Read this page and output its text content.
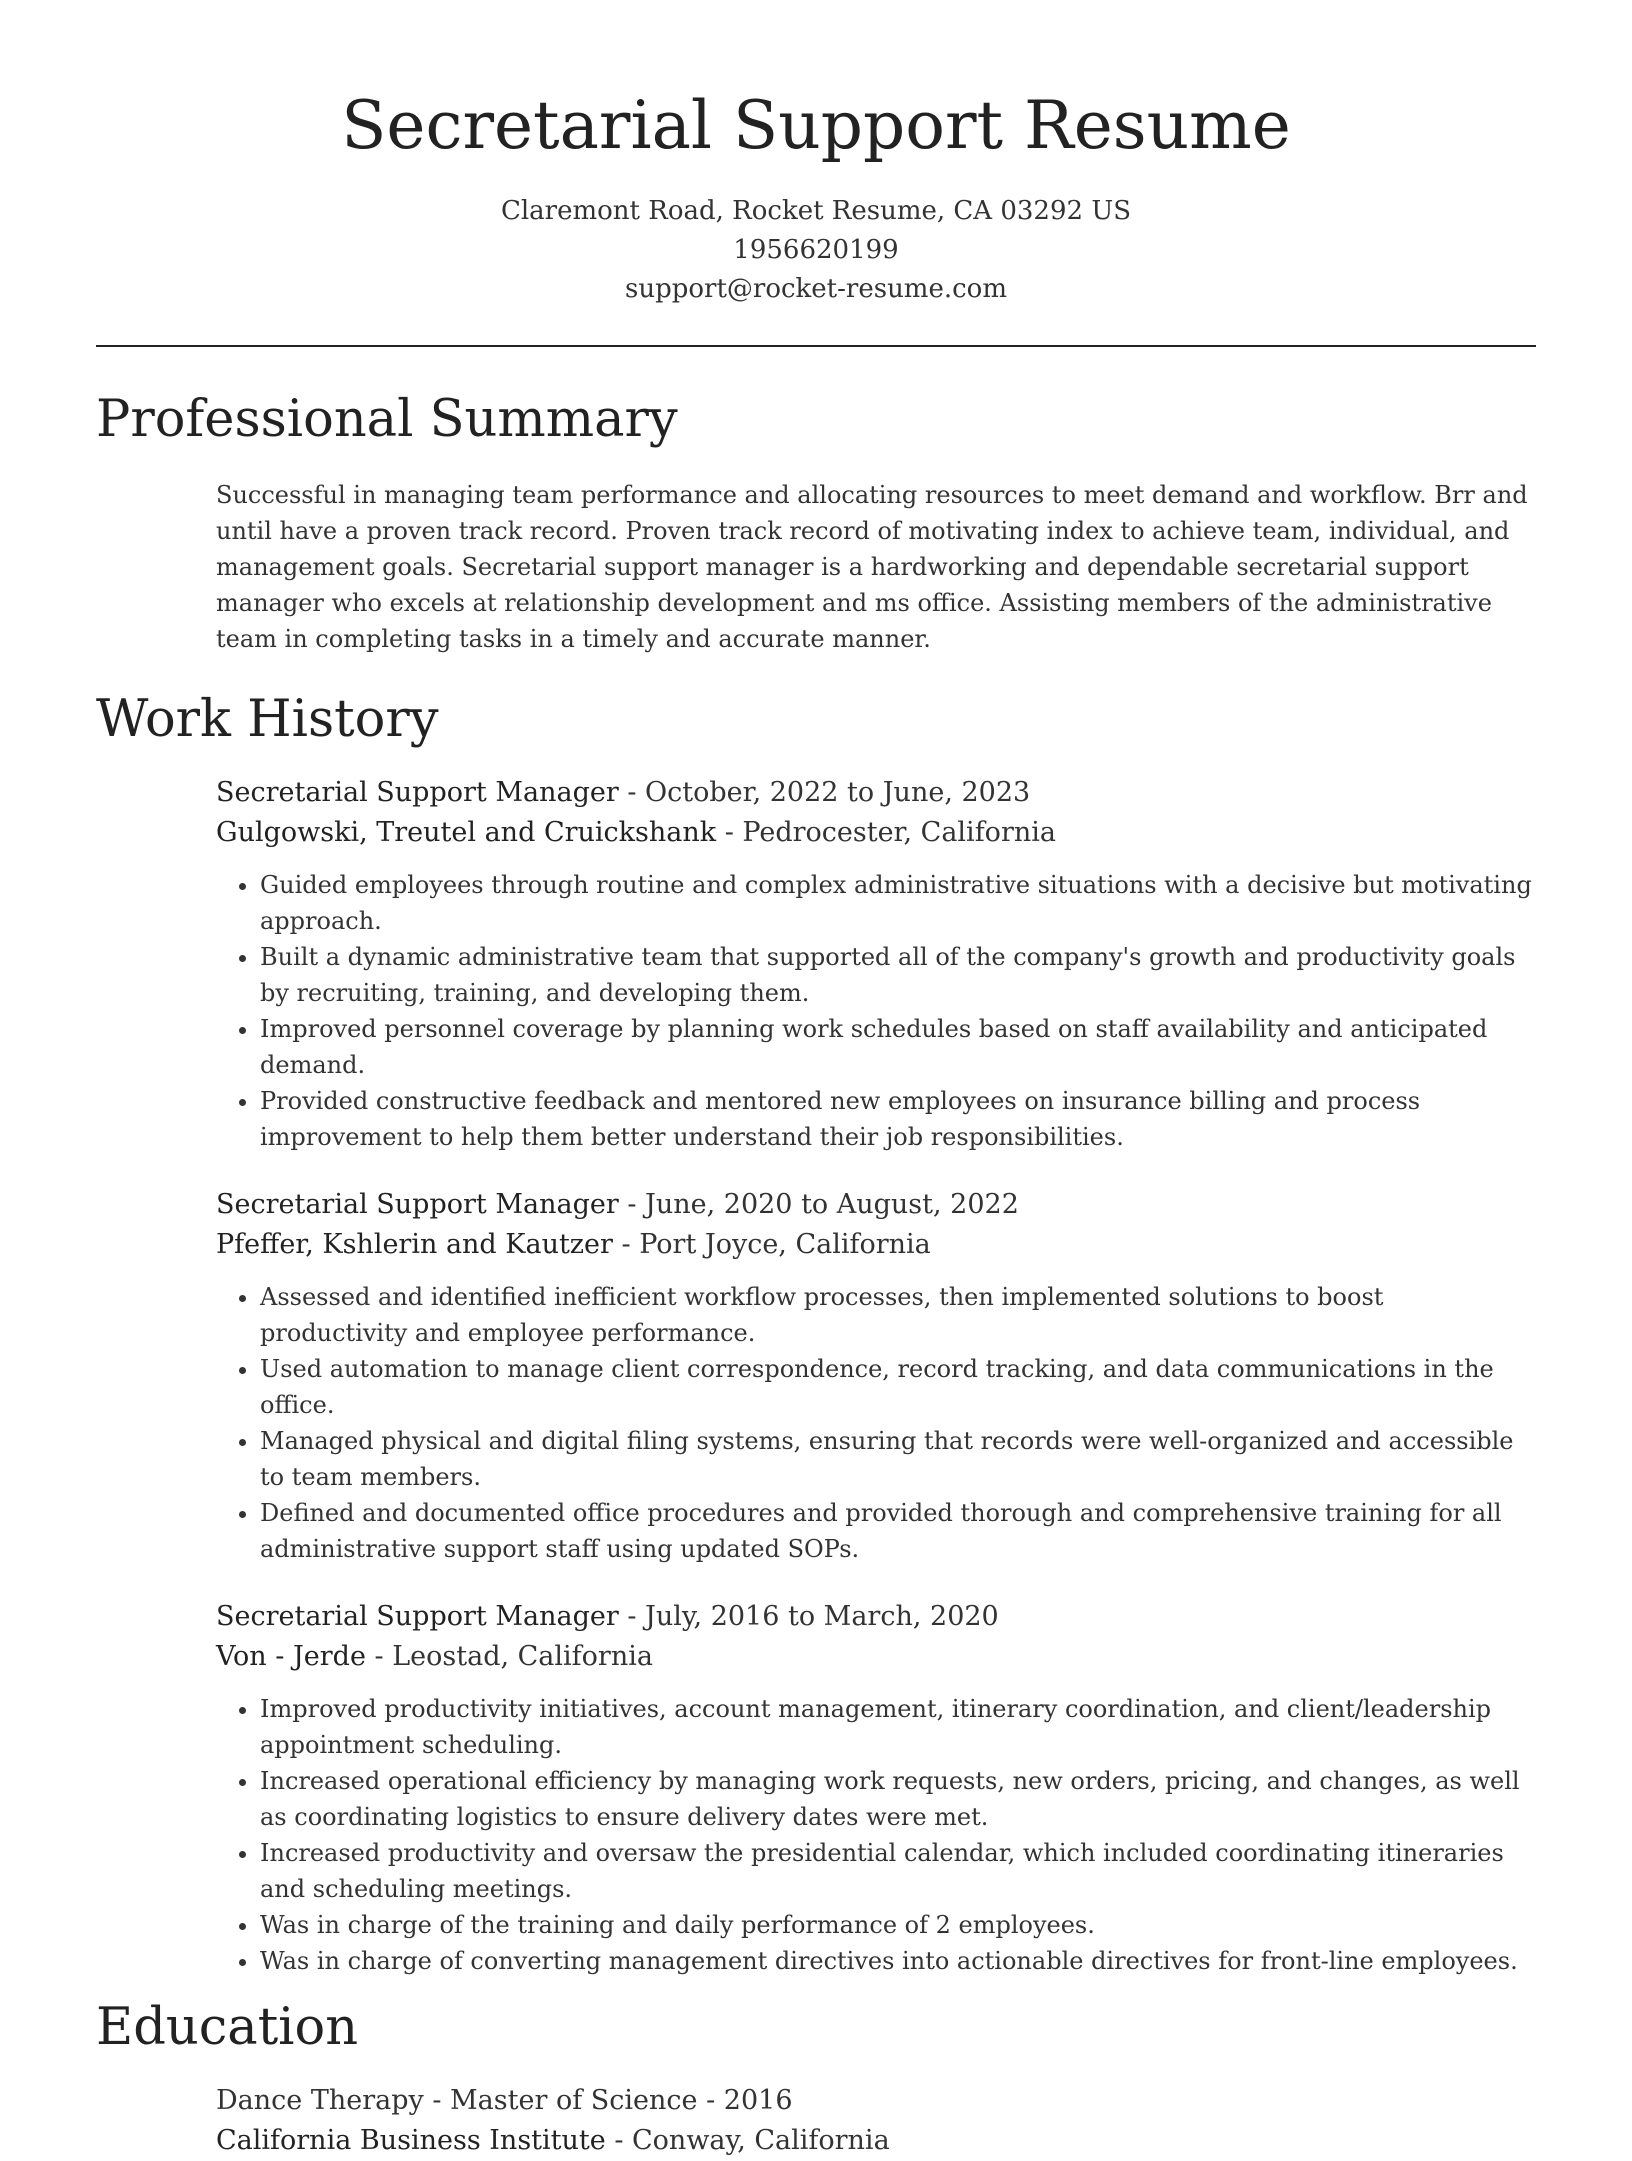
Secretarial Support Resume
Claremont Road, Rocket Resume, CA 03292 US
1956620199
support@rocket-resume.com
Professional Summary

Successful in managing team performance and allocating resources to meet demand and workflow. Brr and until have a proven track record. Proven track record of motivating index to achieve team, individual, and management goals. Secretarial support manager is a hardworking and dependable secretarial support manager who excels at relationship development and ms office. Assisting members of the administrative team in completing tasks in a timely and accurate manner.

Work History
Secretarial Support Manager - October, 2022 to June, 2023
Gulgowski, Treutel and Cruickshank - Pedrocester, California
• Guided employees through routine and complex administrative situations with a decisive but motivating approach.
• Built a dynamic administrative team that supported all of the company's growth and productivity goals by recruiting, training, and developing them.
• Improved personnel coverage by planning work schedules based on staff availability and anticipated demand.
• Provided constructive feedback and mentored new employees on insurance billing and process improvement to help them better understand their job responsibilities.
Secretarial Support Manager - June, 2020 to August, 2022
Pfeffer, Kshlerin and Kautzer - Port Joyce, California
• Assessed and identified inefficient workflow processes, then implemented solutions to boost productivity and employee performance.
• Used automation to manage client correspondence, record tracking, and data communications in the office.
• Managed physical and digital filing systems, ensuring that records were well-organized and accessible to team members.
• Defined and documented office procedures and provided thorough and comprehensive training for all administrative support staff using updated SOPs.
Secretarial Support Manager - July, 2016 to March, 2020
Von - Jerde - Leostad, California
• Improved productivity initiatives, account management, itinerary coordination, and client/leadership appointment scheduling.
• Increased operational efficiency by managing work requests, new orders, pricing, and changes, as well as coordinating logistics to ensure delivery dates were met.
• Increased productivity and oversaw the presidential calendar, which included coordinating itineraries and scheduling meetings.
• Was in charge of the training and daily performance of 2 employees.
• Was in charge of converting management directives into actionable directives for front-line employees.
Education
Dance Therapy - Master of Science - 2016
California Business Institute - Conway, California
